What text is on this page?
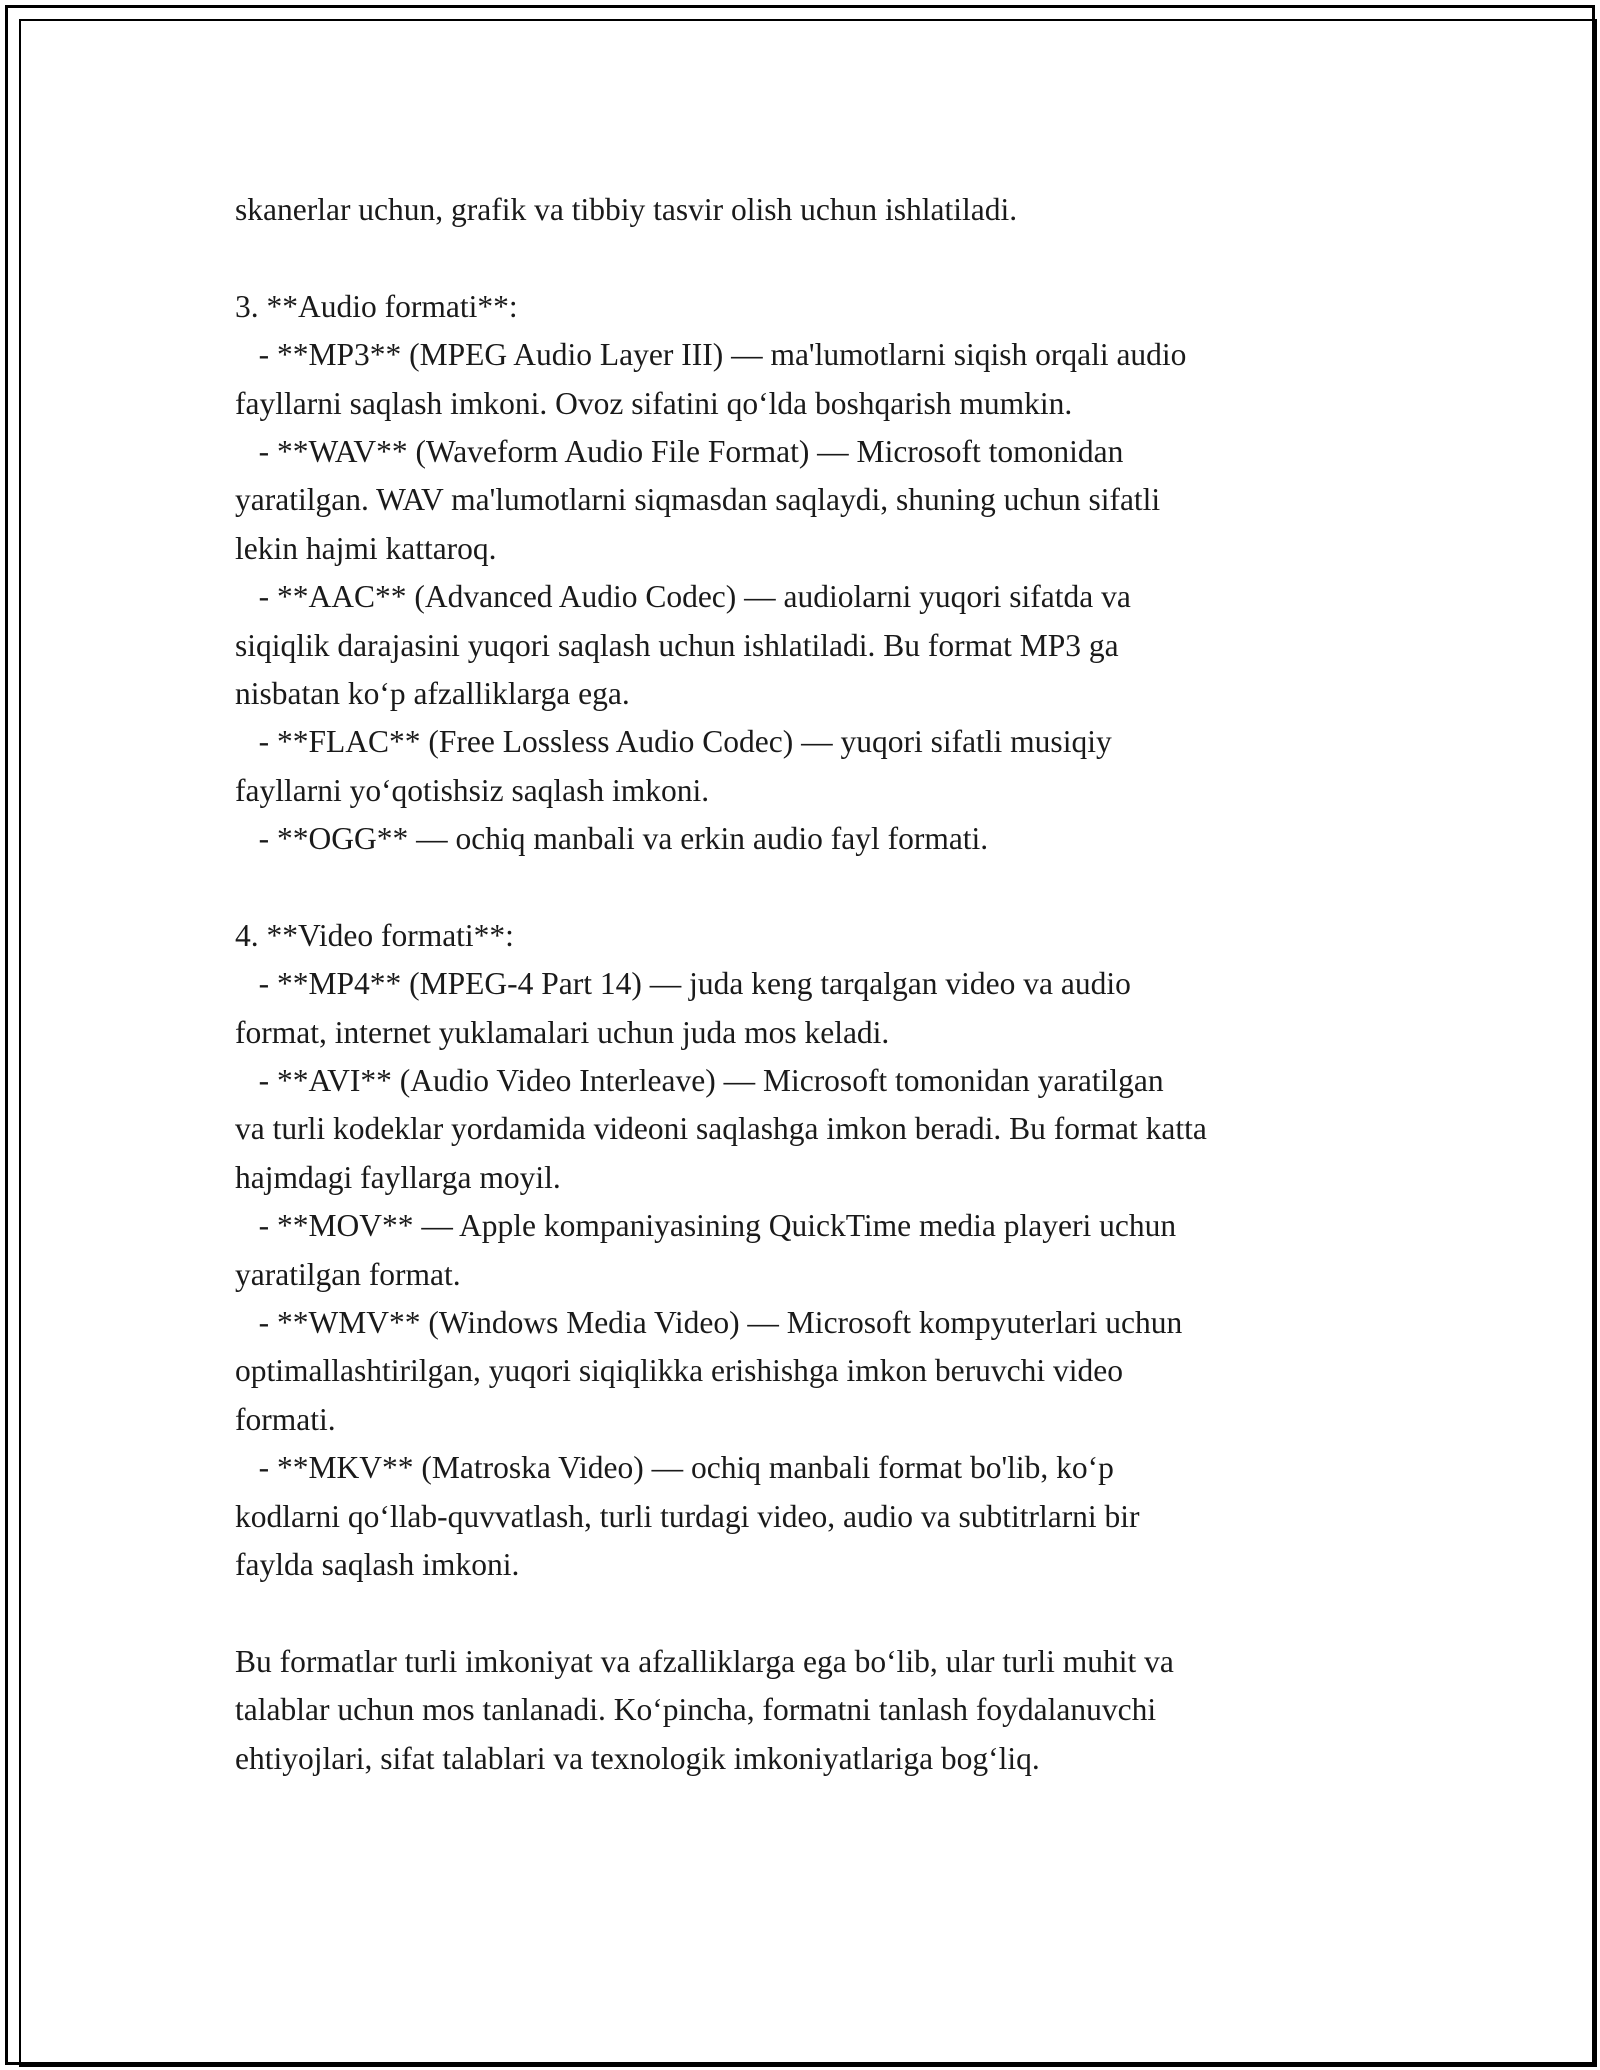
skanerlar uchun, grafik va tibbiy tasvir olish uchun ishlatiladi.
3. **Audio formati**:
- **MP3** (MPEG Audio Layer III) — ma'lumotlarni siqish orqali audio
fayllarni saqlash imkoni. Ovoz sifatini qo‘lda boshqarish mumkin.
- **WAV** (Waveform Audio File Format) — Microsoft tomonidan
yaratilgan. WAV ma'lumotlarni siqmasdan saqlaydi, shuning uchun sifatli
lekin hajmi kattaroq.
- **AAC** (Advanced Audio Codec) — audiolarni yuqori sifatda va
siqiqlik darajasini yuqori saqlash uchun ishlatiladi. Bu format MP3 ga
nisbatan ko‘p afzalliklarga ega.
- **FLAC** (Free Lossless Audio Codec) — yuqori sifatli musiqiy
fayllarni yo‘qotishsiz saqlash imkoni.
- **OGG** — ochiq manbali va erkin audio fayl formati.
4. **Video formati**:
- **MP4** (MPEG-4 Part 14) — juda keng tarqalgan video va audio
format, internet yuklamalari uchun juda mos keladi.
- **AVI** (Audio Video Interleave) — Microsoft tomonidan yaratilgan
va turli kodeklar yordamida videoni saqlashga imkon beradi. Bu format katta
hajmdagi fayllarga moyil.
- **MOV** — Apple kompaniyasining QuickTime media playeri uchun
yaratilgan format.
- **WMV** (Windows Media Video) — Microsoft kompyuterlari uchun
optimallashtirilgan, yuqori siqiqlikka erishishga imkon beruvchi video
formati.
- **MKV** (Matroska Video) — ochiq manbali format bo'lib, ko‘p
kodlarni qo‘llab-quvvatlash, turli turdagi video, audio va subtitrlarni bir
faylda saqlash imkoni.
Bu formatlar turli imkoniyat va afzalliklarga ega bo‘lib, ular turli muhit va
talablar uchun mos tanlanadi. Ko‘pincha, formatni tanlash foydalanuvchi
ehtiyojlari, sifat talablari va texnologik imkoniyatlariga bog‘liq.
